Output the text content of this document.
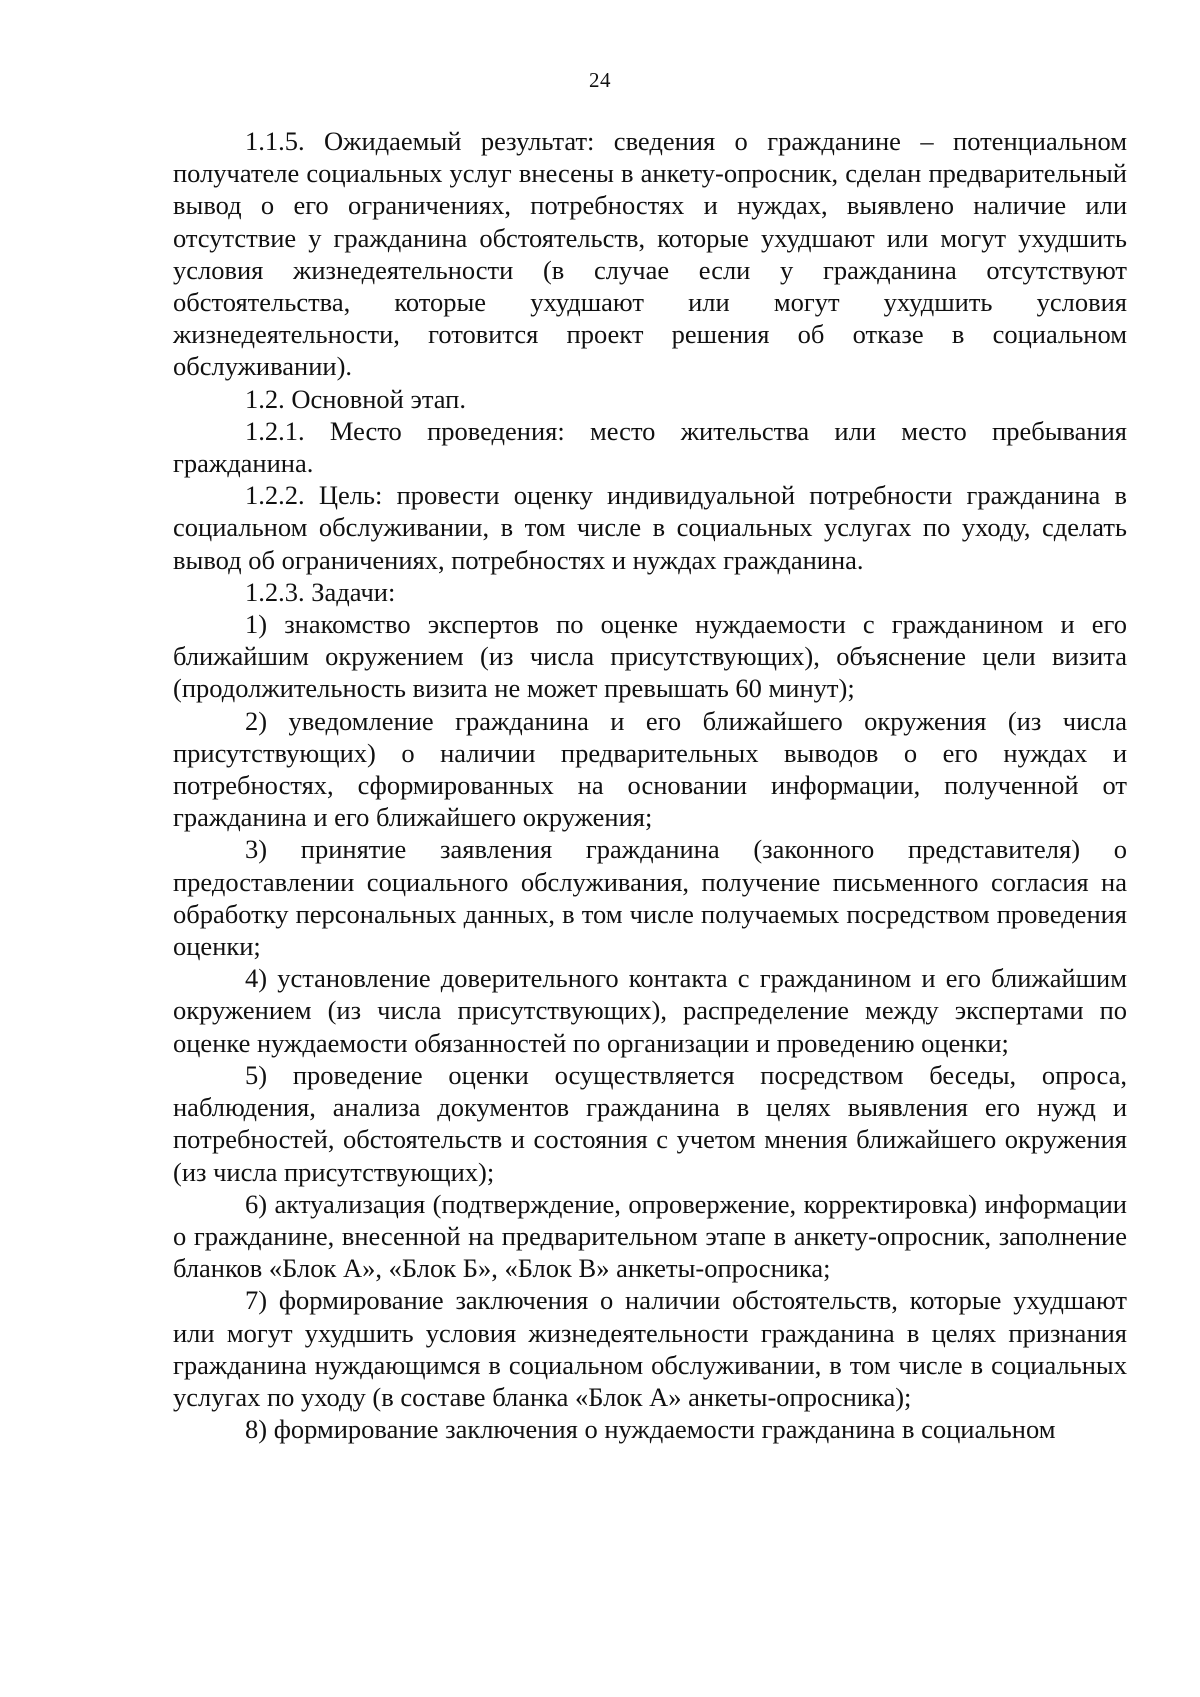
24

1.1.5. Ожидаемый результат: сведения о гражданине – потенциальном получателе социальных услуг внесены в анкету-опросник, сделан предварительный вывод о его ограничениях, потребностях и нуждах, выявлено наличие или отсутствие у гражданина обстоятельств, которые ухудшают или могут ухудшить условия жизнедеятельности (в случае если у гражданина отсутствуют обстоятельства, которые ухудшают или могут ухудшить условия жизнедеятельности, готовится проект решения об отказе в социальном обслуживании).

1.2. Основной этап.

1.2.1. Место проведения: место жительства или место пребывания гражданина.

1.2.2. Цель: провести оценку индивидуальной потребности гражданина в социальном обслуживании, в том числе в социальных услугах по уходу, сделать вывод об ограничениях, потребностях и нуждах гражданина.

1.2.3. Задачи:

1) знакомство экспертов по оценке нуждаемости с гражданином и его ближайшим окружением (из числа присутствующих), объяснение цели визита (продолжительность визита не может превышать 60 минут);

2) уведомление гражданина и его ближайшего окружения (из числа присутствующих) о наличии предварительных выводов о его нуждах и потребностях, сформированных на основании информации, полученной от гражданина и его ближайшего окружения;

3) принятие заявления гражданина (законного представителя) о предоставлении социального обслуживания, получение письменного согласия на обработку персональных данных, в том числе получаемых посредством проведения оценки;

4) установление доверительного контакта с гражданином и его ближайшим окружением (из числа присутствующих), распределение между экспертами по оценке нуждаемости обязанностей по организации и проведению оценки;

5) проведение оценки осуществляется посредством беседы, опроса, наблюдения, анализа документов гражданина в целях выявления его нужд и потребностей, обстоятельств и состояния с учетом мнения ближайшего окружения (из числа присутствующих);

6) актуализация (подтверждение, опровержение, корректировка) информации о гражданине, внесенной на предварительном этапе в анкету-опросник, заполнение бланков «Блок А», «Блок Б», «Блок В» анкеты-опросника;

7) формирование заключения о наличии обстоятельств, которые ухудшают или могут ухудшить условия жизнедеятельности гражданина в целях признания гражданина нуждающимся в социальном обслуживании, в том числе в социальных услугах по уходу (в составе бланка «Блок А» анкеты-опросника);

8) формирование заключения о нуждаемости гражданина в социальном
